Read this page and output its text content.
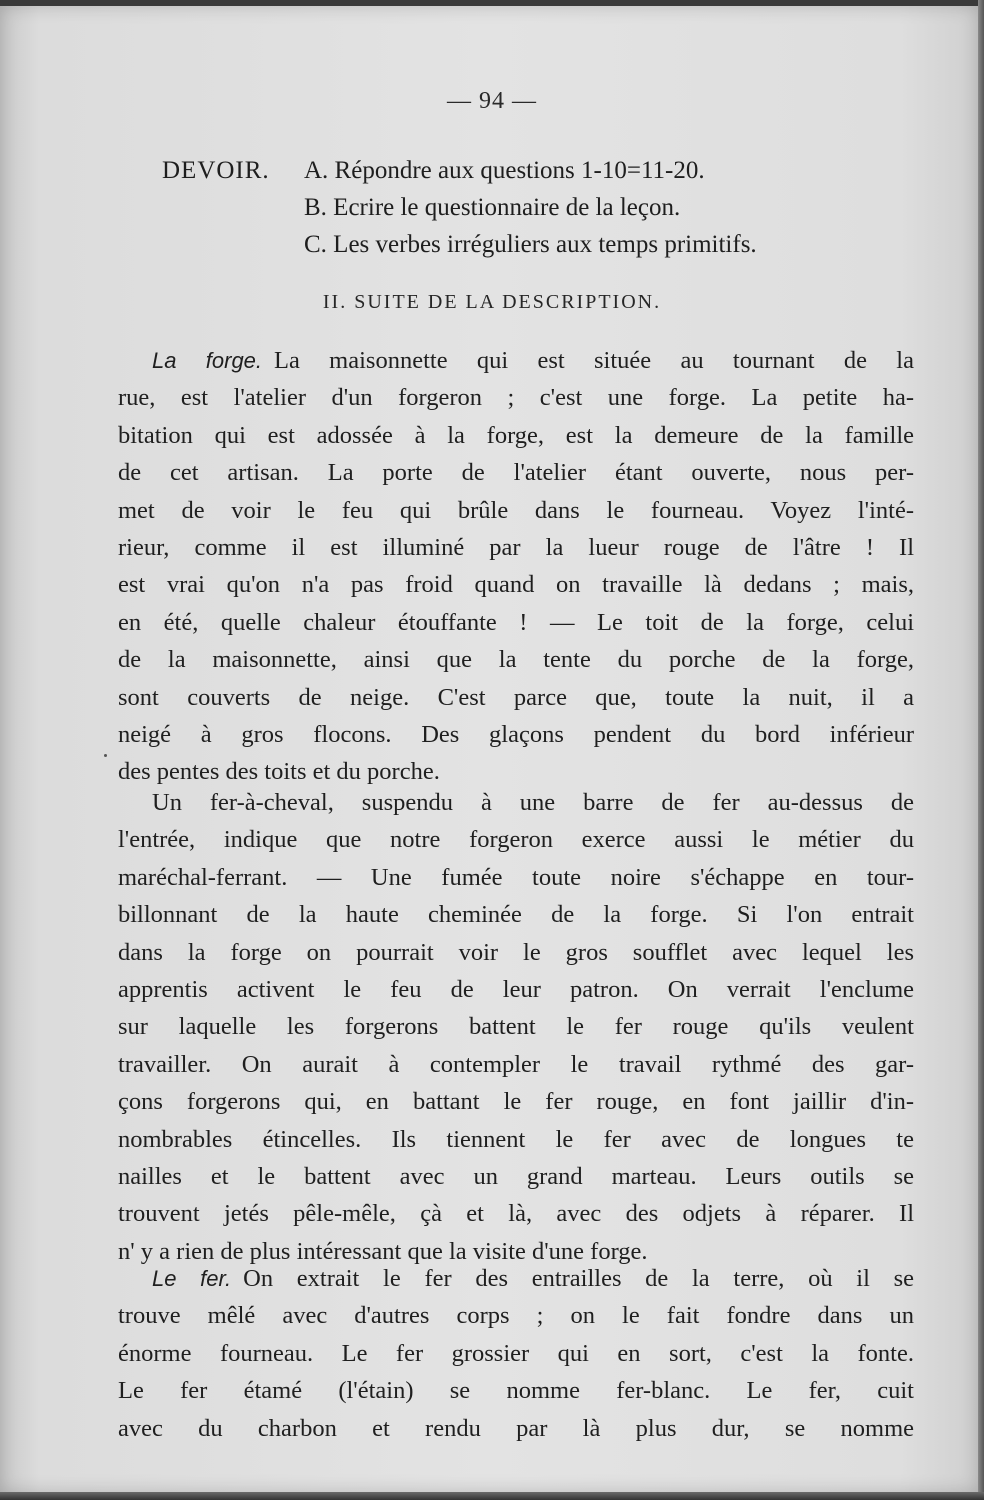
— 94 —
DEVOIR. A. Répondre aux questions 1-10=11-20.
B. Ecrire le questionnaire de la leçon.
C. Les verbes irréguliers aux temps primitifs.
II. SUITE DE LA DESCRIPTION.
La forge. La maisonnette qui est située au tournant de la
rue, est l'atelier d'un forgeron ; c'est une forge. La petite ha-
bitation qui est adossée à la forge, est la demeure de la famille
de cet artisan. La porte de l'atelier étant ouverte, nous per-
met de voir le feu qui brûle dans le fourneau. Voyez l'inté-
rieur, comme il est illuminé par la lueur rouge de l'âtre ! Il
est vrai qu'on n'a pas froid quand on travaille là dedans ; mais,
en été, quelle chaleur étouffante ! — Le toit de la forge, celui
de la maisonnette, ainsi que la tente du porche de la forge,
sont couverts de neige. C'est parce que, toute la nuit, il a
neigé à gros flocons. Des glaçons pendent du bord inférieur
des pentes des toits et du porche.
Un fer-à-cheval, suspendu à une barre de fer au-dessus de
l'entrée, indique que notre forgeron exerce aussi le métier du
maréchal-ferrant. — Une fumée toute noire s'échappe en tour-
billonnant de la haute cheminée de la forge. Si l'on entrait
dans la forge on pourrait voir le gros soufflet avec lequel les
apprentis activent le feu de leur patron. On verrait l'enclume
sur laquelle les forgerons battent le fer rouge qu'ils veulent
travailler. On aurait à contempler le travail rythmé des gar-
çons forgerons qui, en battant le fer rouge, en font jaillir d'in-
nombrables étincelles. Ils tiennent le fer avec de longues te
nailles et le battent avec un grand marteau. Leurs outils se
trouvent jetés pêle-mêle, çà et là, avec des odjets à réparer. Il
n' y a rien de plus intéressant que la visite d'une forge.
Le fer. On extrait le fer des entrailles de la terre, où il se
trouve mêlé avec d'autres corps ; on le fait fondre dans un
énorme fourneau. Le fer grossier qui en sort, c'est la fonte.
Le fer étamé (l'étain) se nomme fer-blanc. Le fer, cuit
avec du charbon et rendu par là plus dur, se nomme
